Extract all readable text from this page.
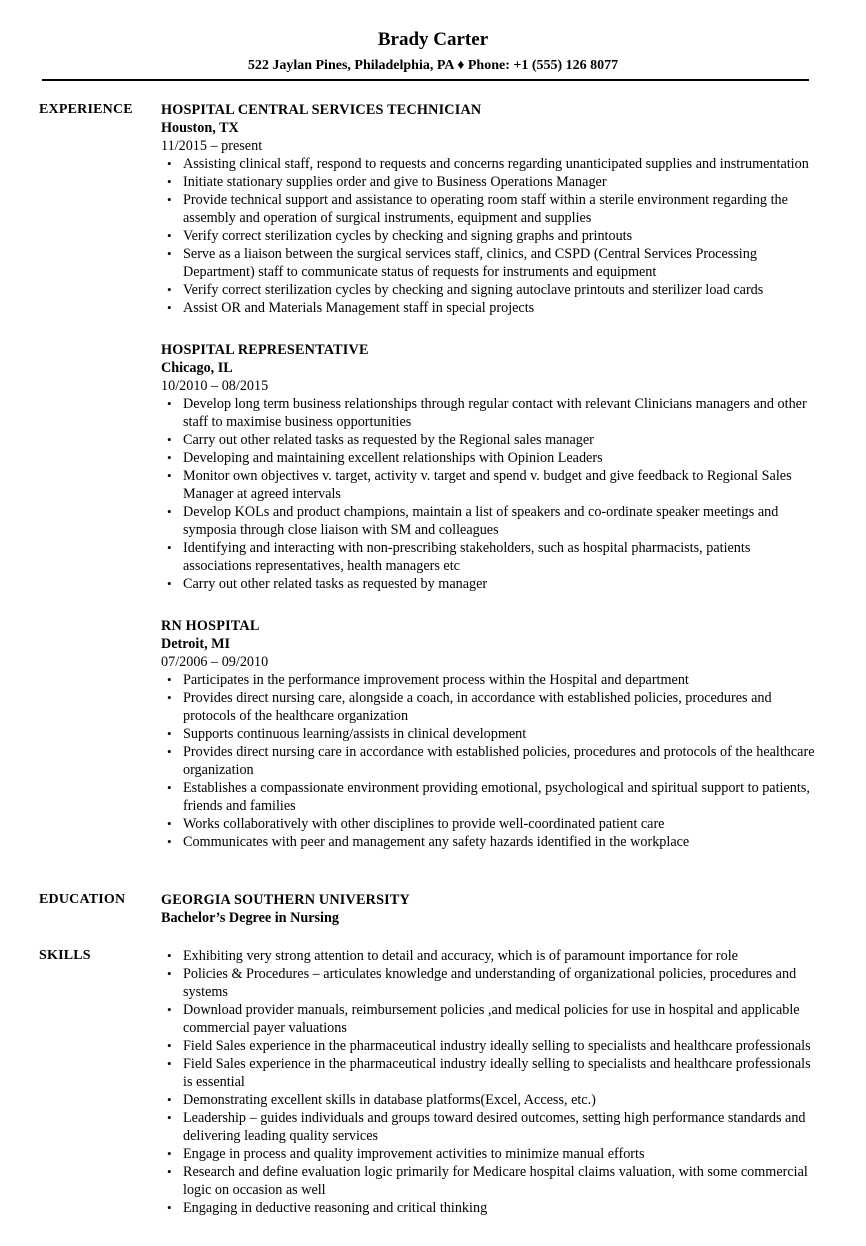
Brady Carter
522 Jaylan Pines, Philadelphia, PA ♦ Phone: +1 (555) 126 8077
EXPERIENCE HOSPITAL CENTRAL SERVICES TECHNICIAN
Houston, TX
11/2015 – present
• Assisting clinical staff, respond to requests and concerns regarding unanticipated supplies and instrumentation
• Initiate stationary supplies order and give to Business Operations Manager
• Provide technical support and assistance to operating room staff within a sterile environment regarding the assembly and operation of surgical instruments, equipment and supplies
• Verify correct sterilization cycles by checking and signing graphs and printouts
• Serve as a liaison between the surgical services staff, clinics, and CSPD (Central Services Processing Department) staff to communicate status of requests for instruments and equipment
• Verify correct sterilization cycles by checking and signing autoclave printouts and sterilizer load cards
• Assist OR and Materials Management staff in special projects
HOSPITAL REPRESENTATIVE
Chicago, IL
10/2010 – 08/2015
• Develop long term business relationships through regular contact with relevant Clinicians managers and other staff to maximise business opportunities
• Carry out other related tasks as requested by the Regional sales manager
• Developing and maintaining excellent relationships with Opinion Leaders
• Monitor own objectives v. target, activity v. target and spend v. budget and give feedback to Regional Sales Manager at agreed intervals
• Develop KOLs and product champions, maintain a list of speakers and co-ordinate speaker meetings and symposia through close liaison with SM and colleagues
• Identifying and interacting with non-prescribing stakeholders, such as hospital pharmacists, patients associations representatives, health managers etc
• Carry out other related tasks as requested by manager
RN HOSPITAL
Detroit, MI
07/2006 – 09/2010
• Participates in the performance improvement process within the Hospital and department
• Provides direct nursing care, alongside a coach, in accordance with established policies, procedures and protocols of the healthcare organization
• Supports continuous learning/assists in clinical development
• Provides direct nursing care in accordance with established policies, procedures and protocols of the healthcare organization
• Establishes a compassionate environment providing emotional, psychological and spiritual support to patients, friends and families
• Works collaboratively with other disciplines to provide well-coordinated patient care
• Communicates with peer and management any safety hazards identified in the workplace
EDUCATION	GEORGIA SOUTHERN UNIVERSITY
Bachelor’s Degree in Nursing
SKILLS
•	Exhibiting very strong attention to detail and accuracy, which is of paramount importance for role
• Policies & Procedures – articulates knowledge and understanding of organizational policies, procedures and systems
• Download provider manuals, reimbursement policies ,and medical policies for use in hospital and applicable commercial payer valuations
• Field Sales experience in the pharmaceutical industry ideally selling to specialists and healthcare professionals
• Field Sales experience in the pharmaceutical industry ideally selling to specialists and healthcare professionals is essential
• Demonstrating excellent skills in database platforms(Excel, Access, etc.)
• Leadership – guides individuals and groups toward desired outcomes, setting high performance standards and delivering leading quality services
• Engage in process and quality improvement activities to minimize manual efforts
• Research and define evaluation logic primarily for Medicare hospital claims valuation, with some commercial logic on occasion as well
• Engaging in deductive reasoning and critical thinking
